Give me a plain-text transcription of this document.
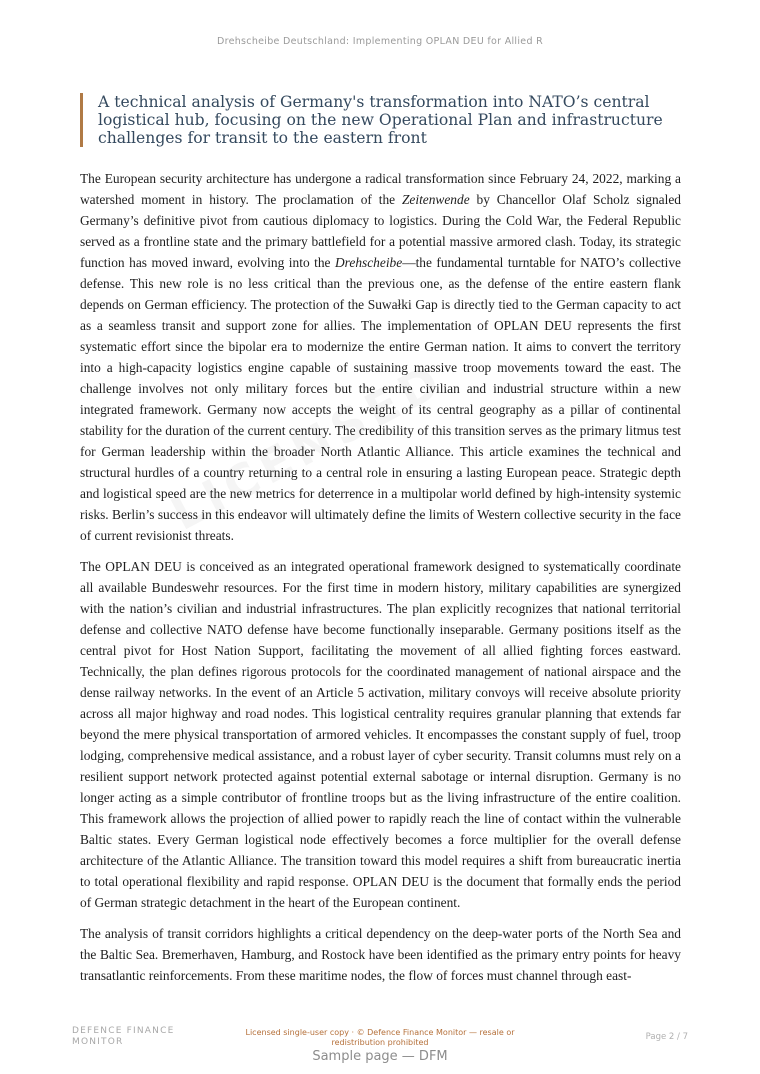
Drehscheibe Deutschland: Implementing OPLAN DEU for Allied R
A technical analysis of Germany's transformation into NATO’s central logistical hub, focusing on the new Operational Plan and infrastructure challenges for transit to the eastern front

The European security architecture has undergone a radical transformation since February 24, 2022, marking a watershed moment in history. The proclamation of the Zeitenwende by Chancellor Olaf Scholz signaled Germany’s definitive pivot from cautious diplomacy to logistics. During the Cold War, the Federal Republic served as a frontline state and the primary battlefield for a potential massive armored clash. Today, its strategic function has moved inward, evolving into the Drehscheibe—the fundamental turntable for NATO’s collective defense. This new role is no less critical than the previous one, as the defense of the entire eastern flank depends on German efficiency. The protection of the Suwałki Gap is directly tied to the German capacity to act as a seamless transit and support zone for allies. The implementation of OPLAN DEU represents the first systematic effort since the bipolar era to modernize the entire German nation. It aims to convert the territory into a high-capacity logistics engine capable of sustaining massive troop movements toward the east. The challenge involves not only military forces but the entire civilian and industrial structure within a new integrated framework. Germany now accepts the weight of its central geography as a pillar of continental stability for the duration of the current century. The credibility of this transition serves as the primary litmus test for German leadership within the broader North Atlantic Alliance. This article examines the technical and structural hurdles of a country returning to a central role in ensuring a lasting European peace. Strategic depth and logistical speed are the new metrics for deterrence in a multipolar world defined by high-intensity systemic risks. Berlin’s success in this endeavor will ultimately define the limits of Western collective security in the face of current revisionist threats.

The OPLAN DEU is conceived as an integrated operational framework designed to systematically coordinate all available Bundeswehr resources. For the first time in modern history, military capabilities are synergized with the nation’s civilian and industrial infrastructures. The plan explicitly recognizes that national territorial defense and collective NATO defense have become functionally inseparable. Germany positions itself as the central pivot for Host Nation Support, facilitating the movement of all allied fighting forces eastward. Technically, the plan defines rigorous protocols for the coordinated management of national airspace and the dense railway networks. In the event of an Article 5 activation, military convoys will receive absolute priority across all major highway and road nodes. This logistical centrality requires granular planning that extends far beyond the mere physical transportation of armored vehicles. It encompasses the constant supply of fuel, troop lodging, comprehensive medical assistance, and a robust layer of cyber security. Transit columns must rely on a resilient support network protected against potential external sabotage or internal disruption. Germany is no longer acting as a simple contributor of frontline troops but as the living infrastructure of the entire coalition. This framework allows the projection of allied power to rapidly reach the line of contact within the vulnerable Baltic states. Every German logistical node effectively becomes a force multiplier for the overall defense architecture of the Atlantic Alliance. The transition toward this model requires a shift from bureaucratic inertia to total operational flexibility and rapid response. OPLAN DEU is the document that formally ends the period of German strategic detachment in the heart of the European continent.

The analysis of transit corridors highlights a critical dependency on the deep-water ports of the North Sea and the Baltic Sea. Bremerhaven, Hamburg, and Rostock have been identified as the primary entry points for heavy transatlantic reinforcements. From these maritime nodes, the flow of forces must channel through east-

DEFENCE FINANCE MONITOR
Licensed single-user copy · © Defence Finance Monitor — resale or redistribution prohibited
Page 2 / 7
Sample page — DFM
